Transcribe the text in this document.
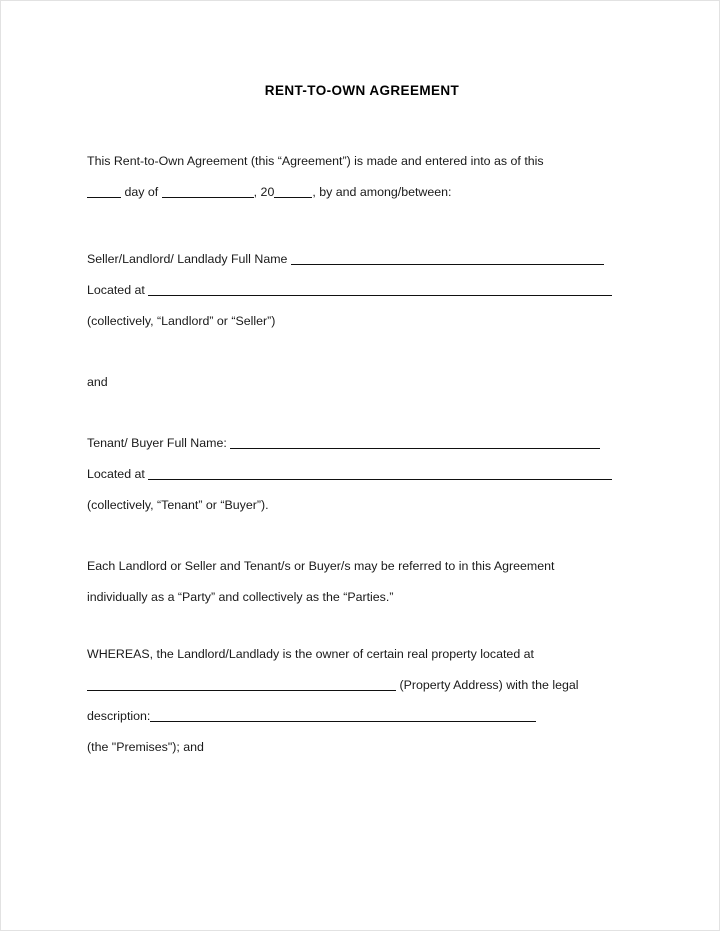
RENT-TO-OWN AGREEMENT

This Rent-to-Own Agreement (this “Agreement”) is made and entered into as of this

day of	, 20	, by and among/between:
Seller/Landlord/ Landlady Full Name
Located at
(collectively, “Landlord” or “Seller”)
and
Tenant/ Buyer Full Name:
Located at
(collectively, “Tenant” or “Buyer”).

Each Landlord or Seller and Tenant/s or Buyer/s may be referred to in this Agreement

individually as a “Party” and collectively as the “Parties.”

WHEREAS, the Landlord/Landlady is the owner of certain real property located at

(Property Address) with the legal
description:
(the "Premises"); and
